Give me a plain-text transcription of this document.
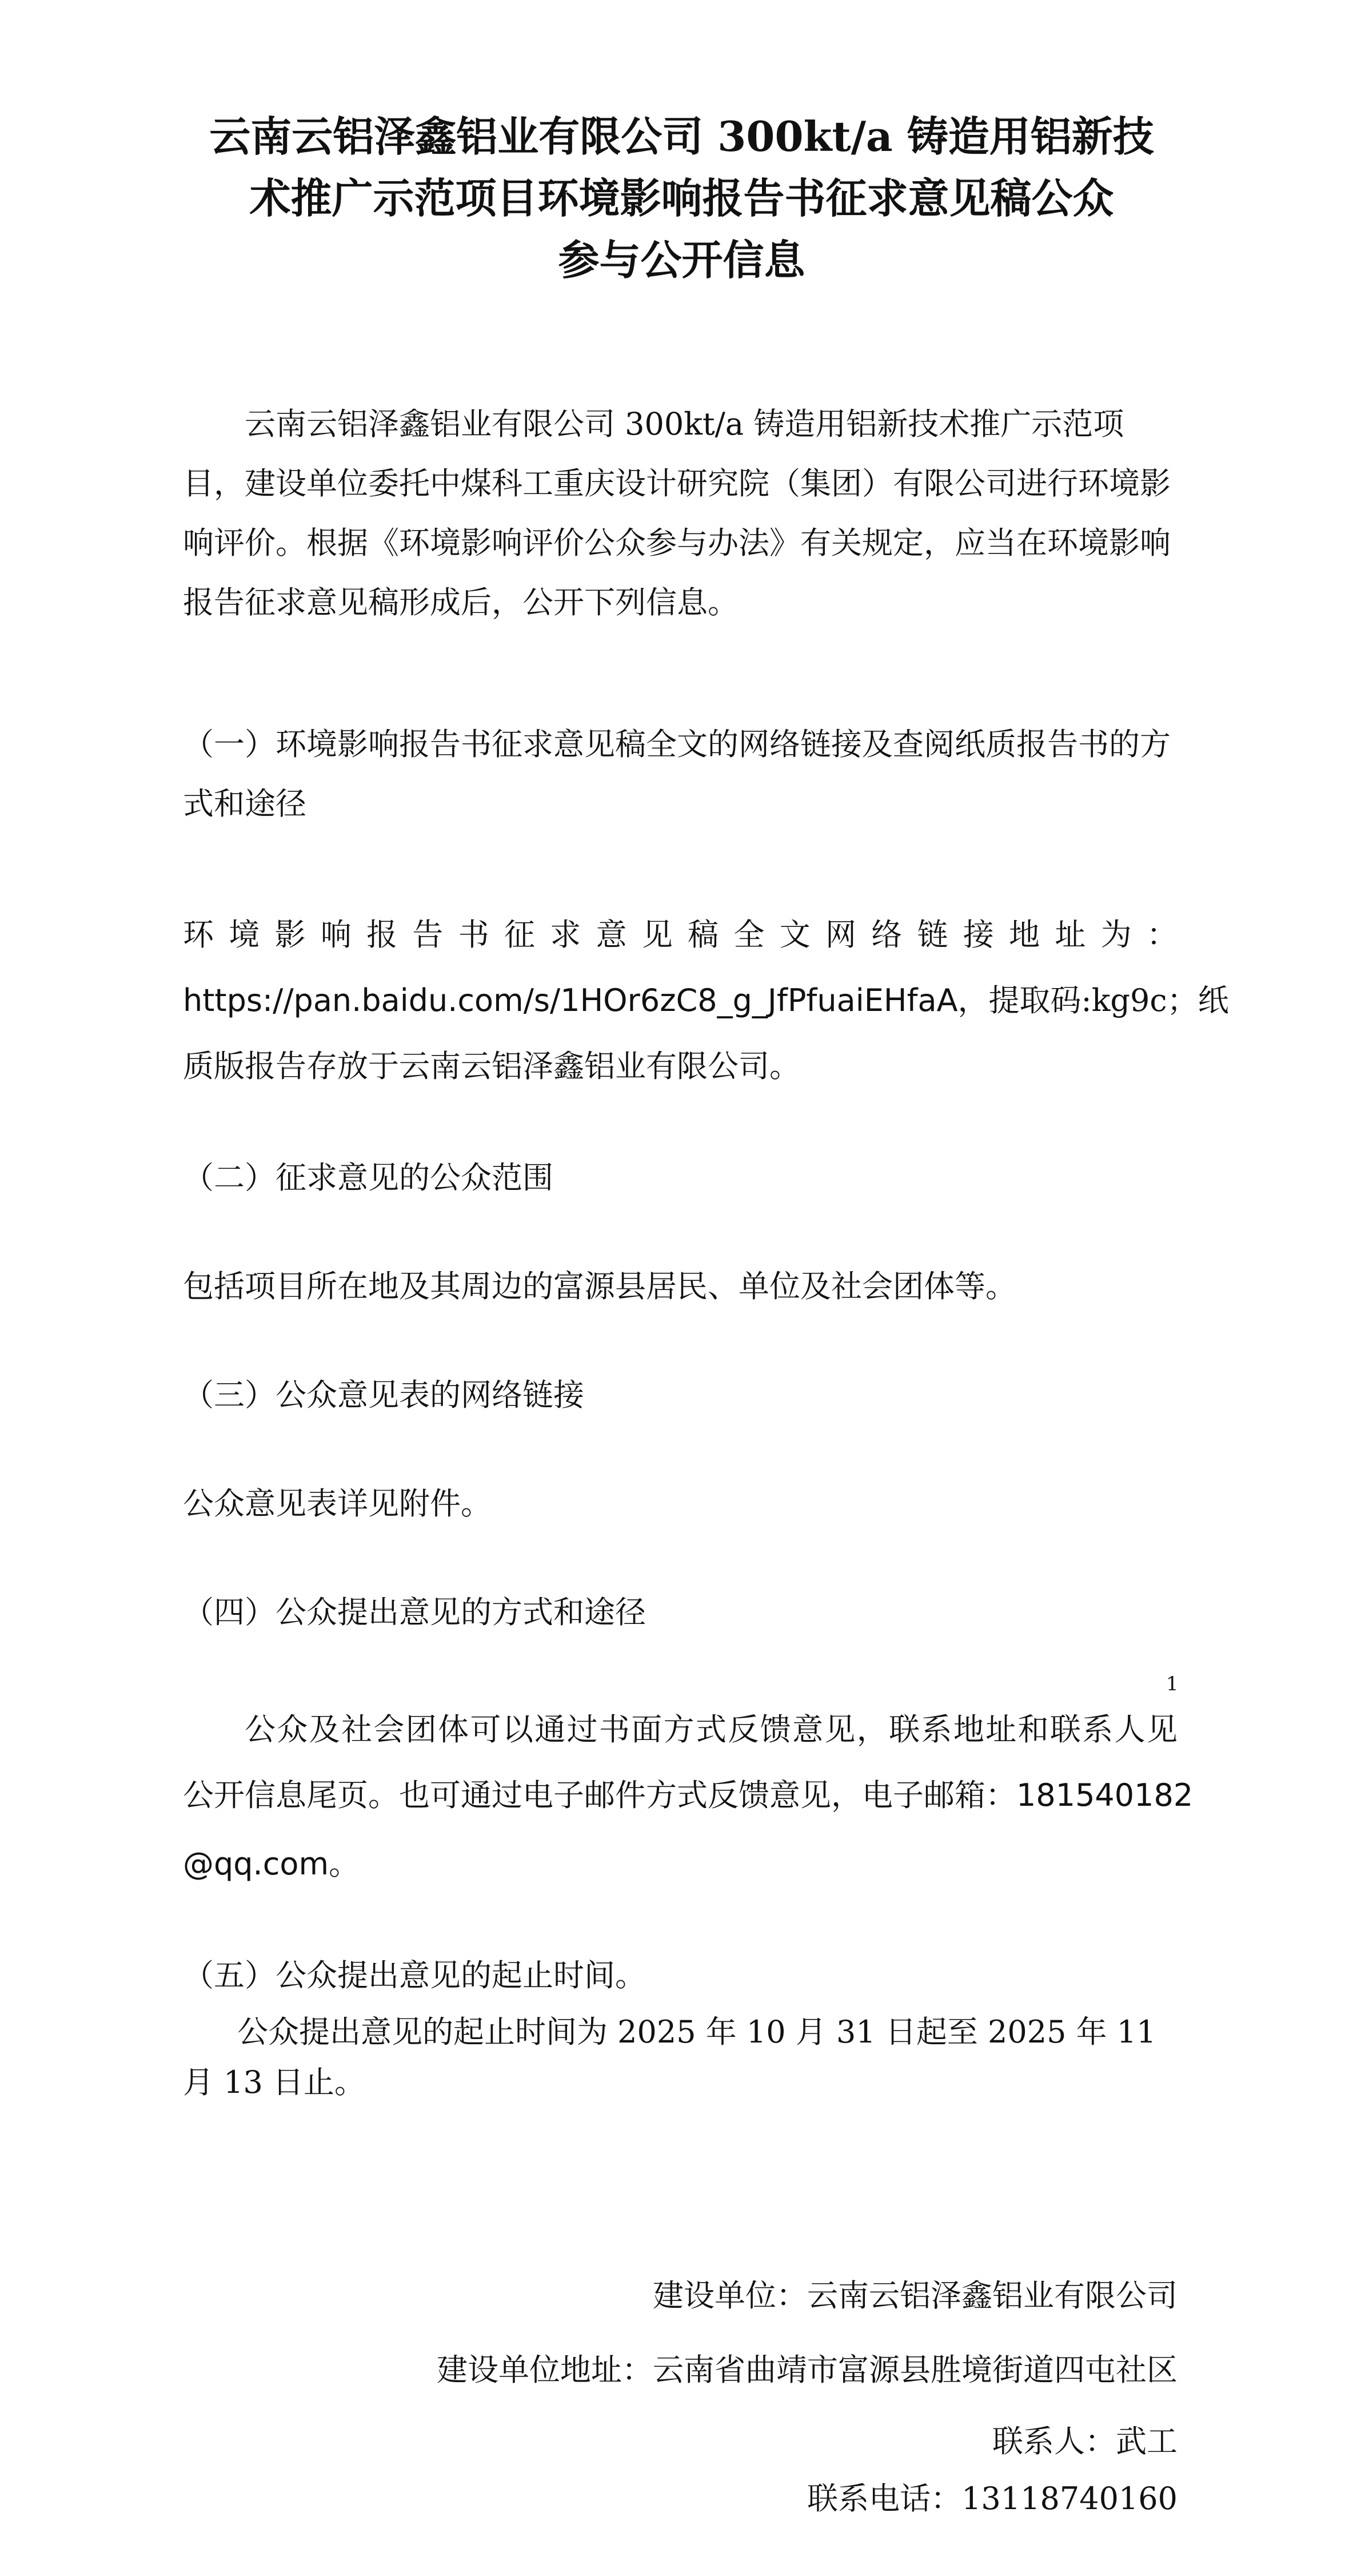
云南云铝泽鑫铝业有限公司 300kt/a 铸造用铝新技
术推广示范项目环境影响报告书征求意见稿公众
参与公开信息
云南云铝泽鑫铝业有限公司 300kt/a 铸造用铝新技术推广示范项目，建设单位委托中煤科工重庆设计研究院（集团）有限公司进行环境影响评价。根据《环境影响评价公众参与办法》有关规定，应当在环境影响报告征求意见稿形成后，公开下列信息。
（一）环境影响报告书征求意见稿全文的网络链接及查阅纸质报告书的方式和途径
环境影响报告书征求意见稿全文网络链接地址为：
https://pan.baidu.com/s/1HOr6zC8_g_JfPfuaiEHfaA，提取码:kg9c；纸
质版报告存放于云南云铝泽鑫铝业有限公司。
（二）征求意见的公众范围
包括项目所在地及其周边的富源县居民、单位及社会团体等。
（三）公众意见表的网络链接
公众意见表详见附件。
（四）公众提出意见的方式和途径
1
公众及社会团体可以通过书面方式反馈意见，联系地址和联系人见
公开信息尾页。也可通过电子邮件方式反馈意见，电子邮箱：181540182
@qq.com。
（五）公众提出意见的起止时间。
公众提出意见的起止时间为 2025 年 10 月 31 日起至 2025 年 11 月 13 日止。
建设单位：云南云铝泽鑫铝业有限公司
建设单位地址：云南省曲靖市富源县胜境街道四屯社区
联系人：武工
联系电话：13118740160
